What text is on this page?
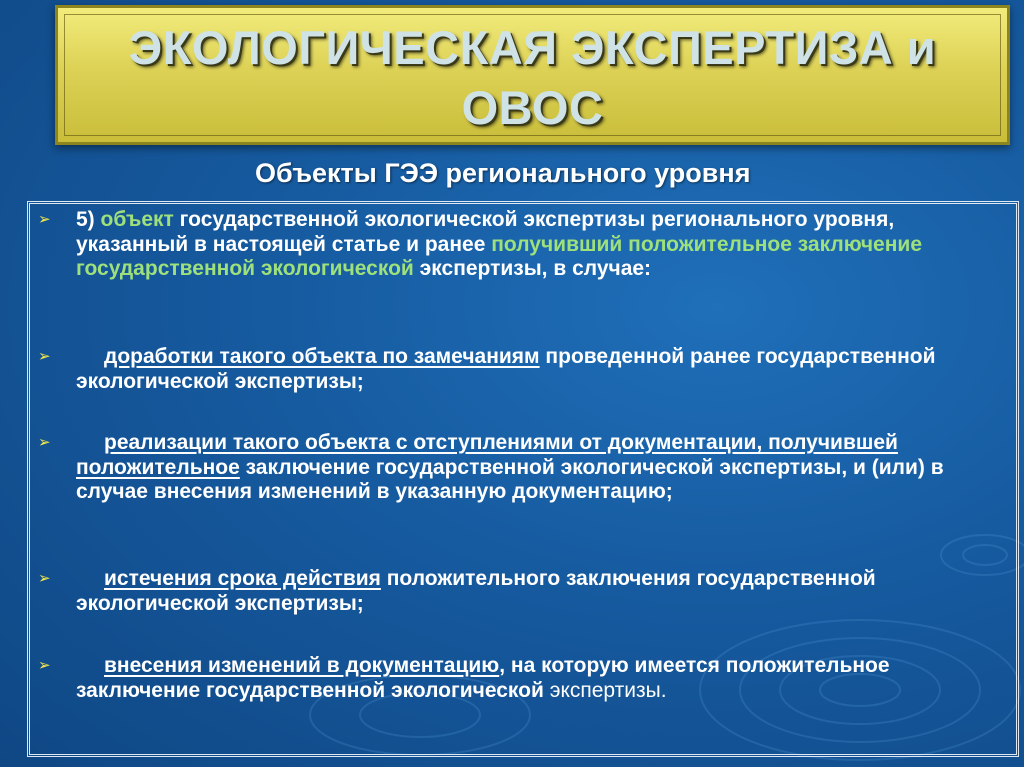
ЭКОЛОГИЧЕСКАЯ ЭКСПЕРТИЗА и ОВОС
Объекты ГЭЭ регионального уровня
➢ 5) объект государственной экологической экспертизы регионального уровня, указанный в настоящей статье и ранее получивший положительное заключение государственной экологической экспертизы, в случае:
➢	доработки такого объекта по замечаниям проведенной ранее государственной экологической экспертизы;
➢	реализации такого объекта с отступлениями от документации, получившей положительное заключение государственной экологической экспертизы, и (или) в случае внесения изменений в указанную документацию;
➢	истечения срока действия положительного заключения государственной экологической экспертизы;
➢	внесения изменений в документацию, на которую имеется положительное заключение государственной экологической экспертизы.
